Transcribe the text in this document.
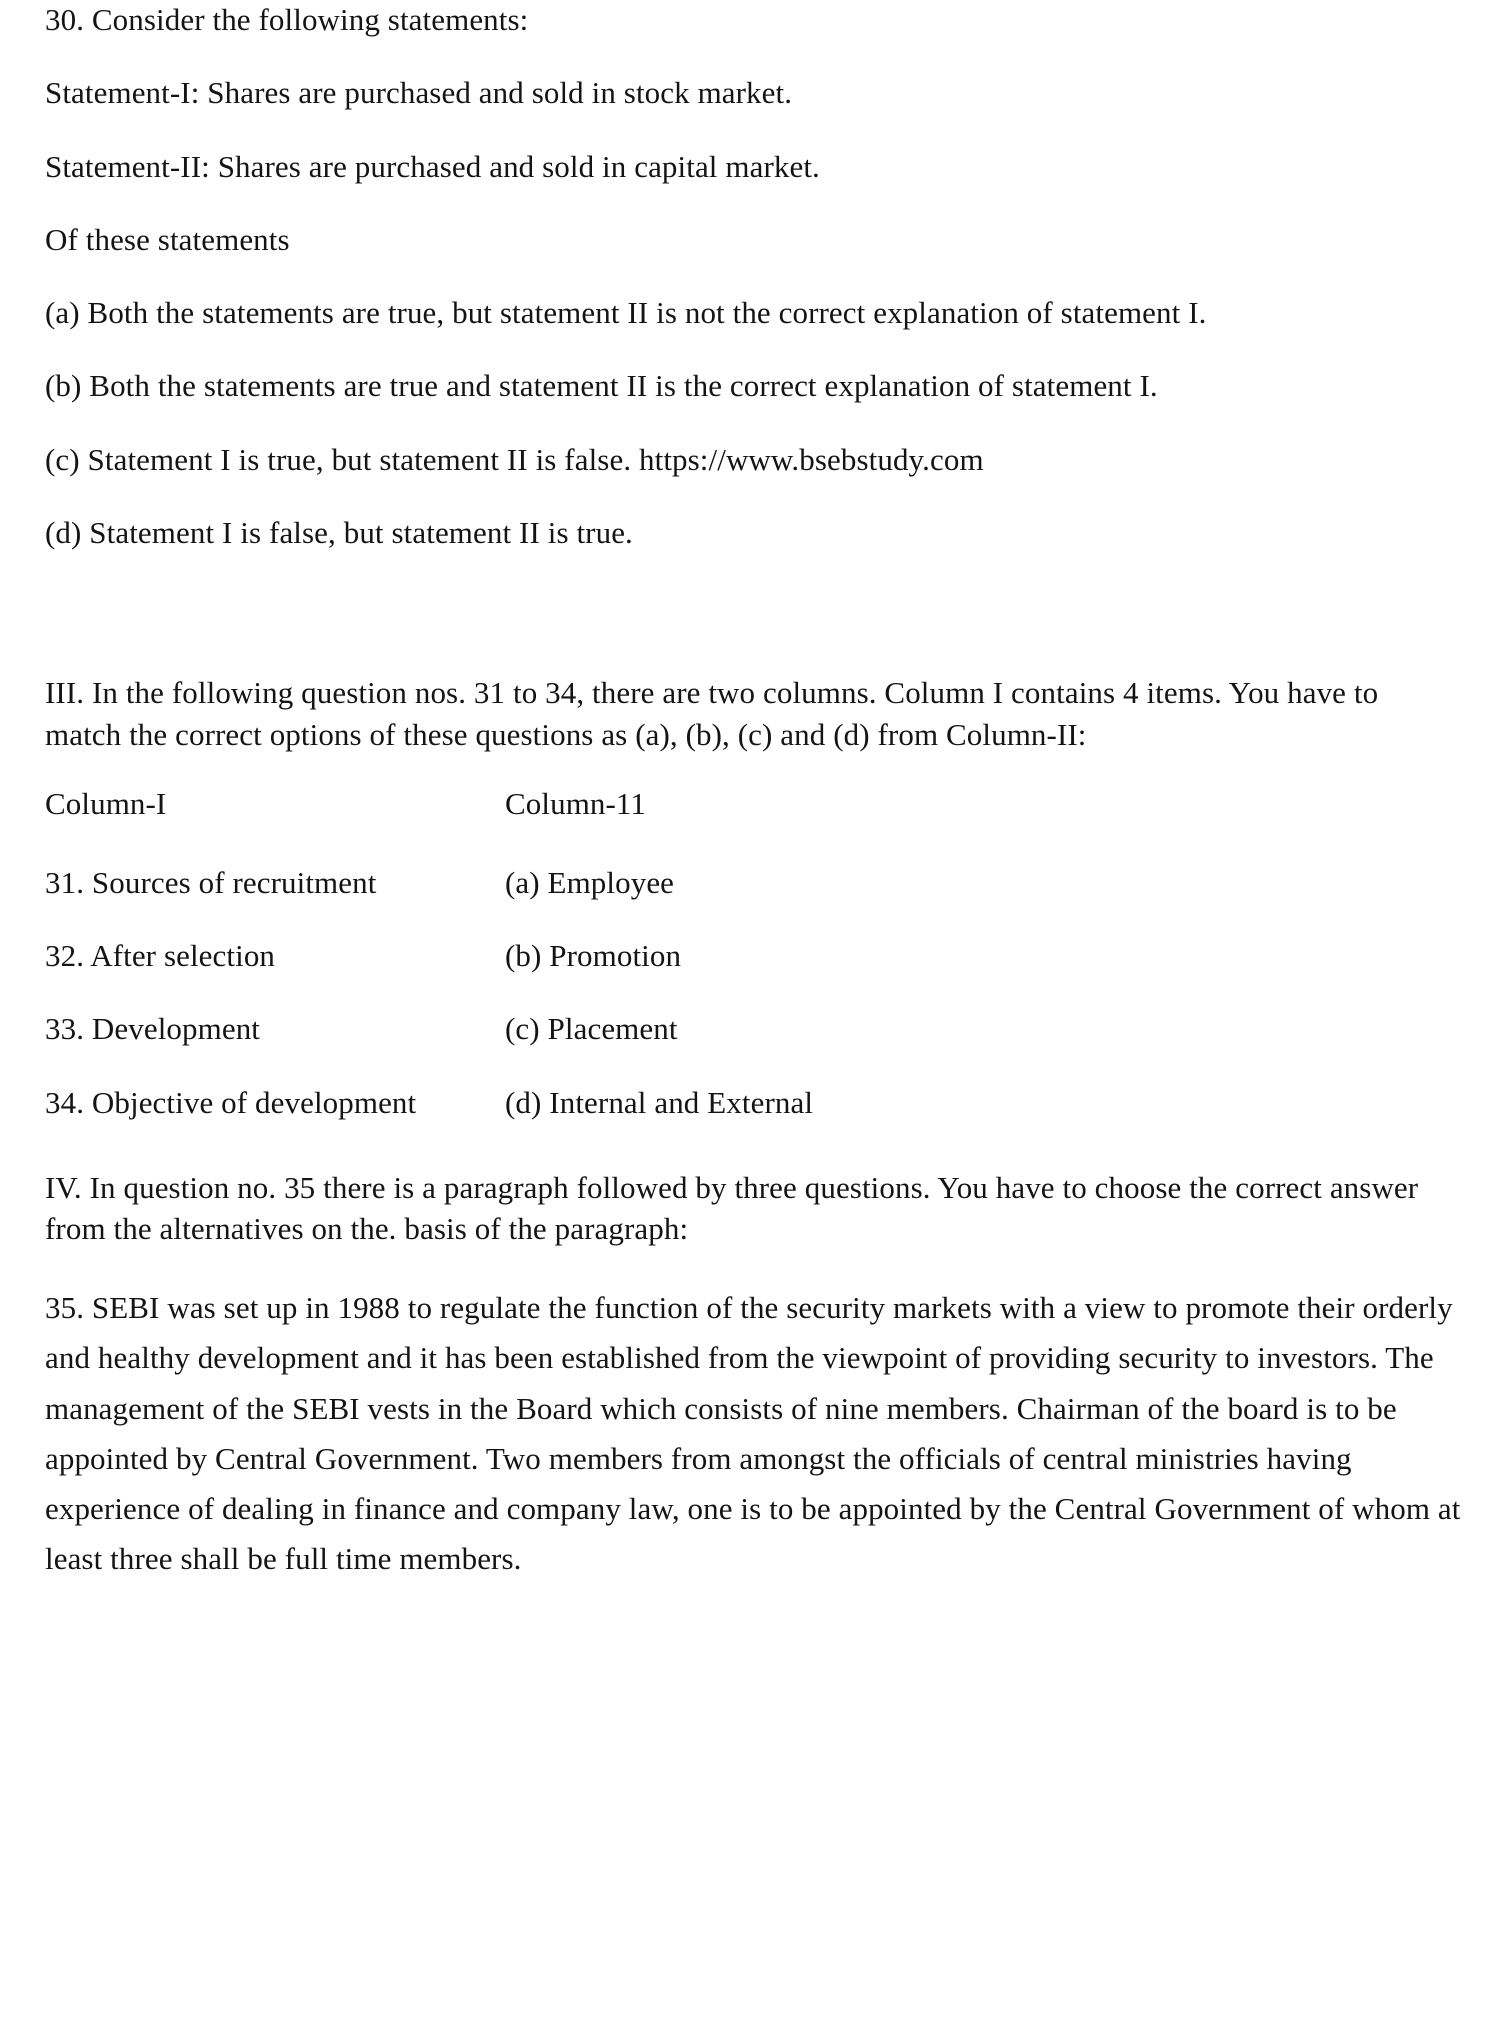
30. Consider the following statements:

Statement-I: Shares are purchased and sold in stock market.

Statement-II: Shares are purchased and sold in capital market.

Of these statements

(a) Both the statements are true, but statement II is not the correct explanation of statement I.

(b) Both the statements are true and statement II is the correct explanation of statement I.

(c) Statement I is true, but statement II is false. https://www.bsebstudy.com

(d) Statement I is false, but statement II is true.

III. In the following question nos. 31 to 34, there are two columns. Column I contains 4 items. You have to match the correct options of these questions as (a), (b), (c) and (d) from Column-II:

Column-I	Column-11
31. Sources of recruitment	(a) Employee
32. After selection	(b) Promotion
33. Development	(c) Placement
34. Objective of development	(d) Internal and External

IV. In question no. 35 there is a paragraph followed by three questions. You have to choose the correct answer from the alternatives on the. basis of the paragraph:

35. SEBI was set up in 1988 to regulate the function of the security markets with a view to promote their orderly and healthy development and it has been established from the viewpoint of providing security to investors. The management of the SEBI vests in the Board which consists of nine members. Chairman of the board is to be appointed by Central Government. Two members from amongst the officials of central ministries having experience of dealing in finance and company law, one is to be appointed by the Central Government of whom at least three shall be full time members.
